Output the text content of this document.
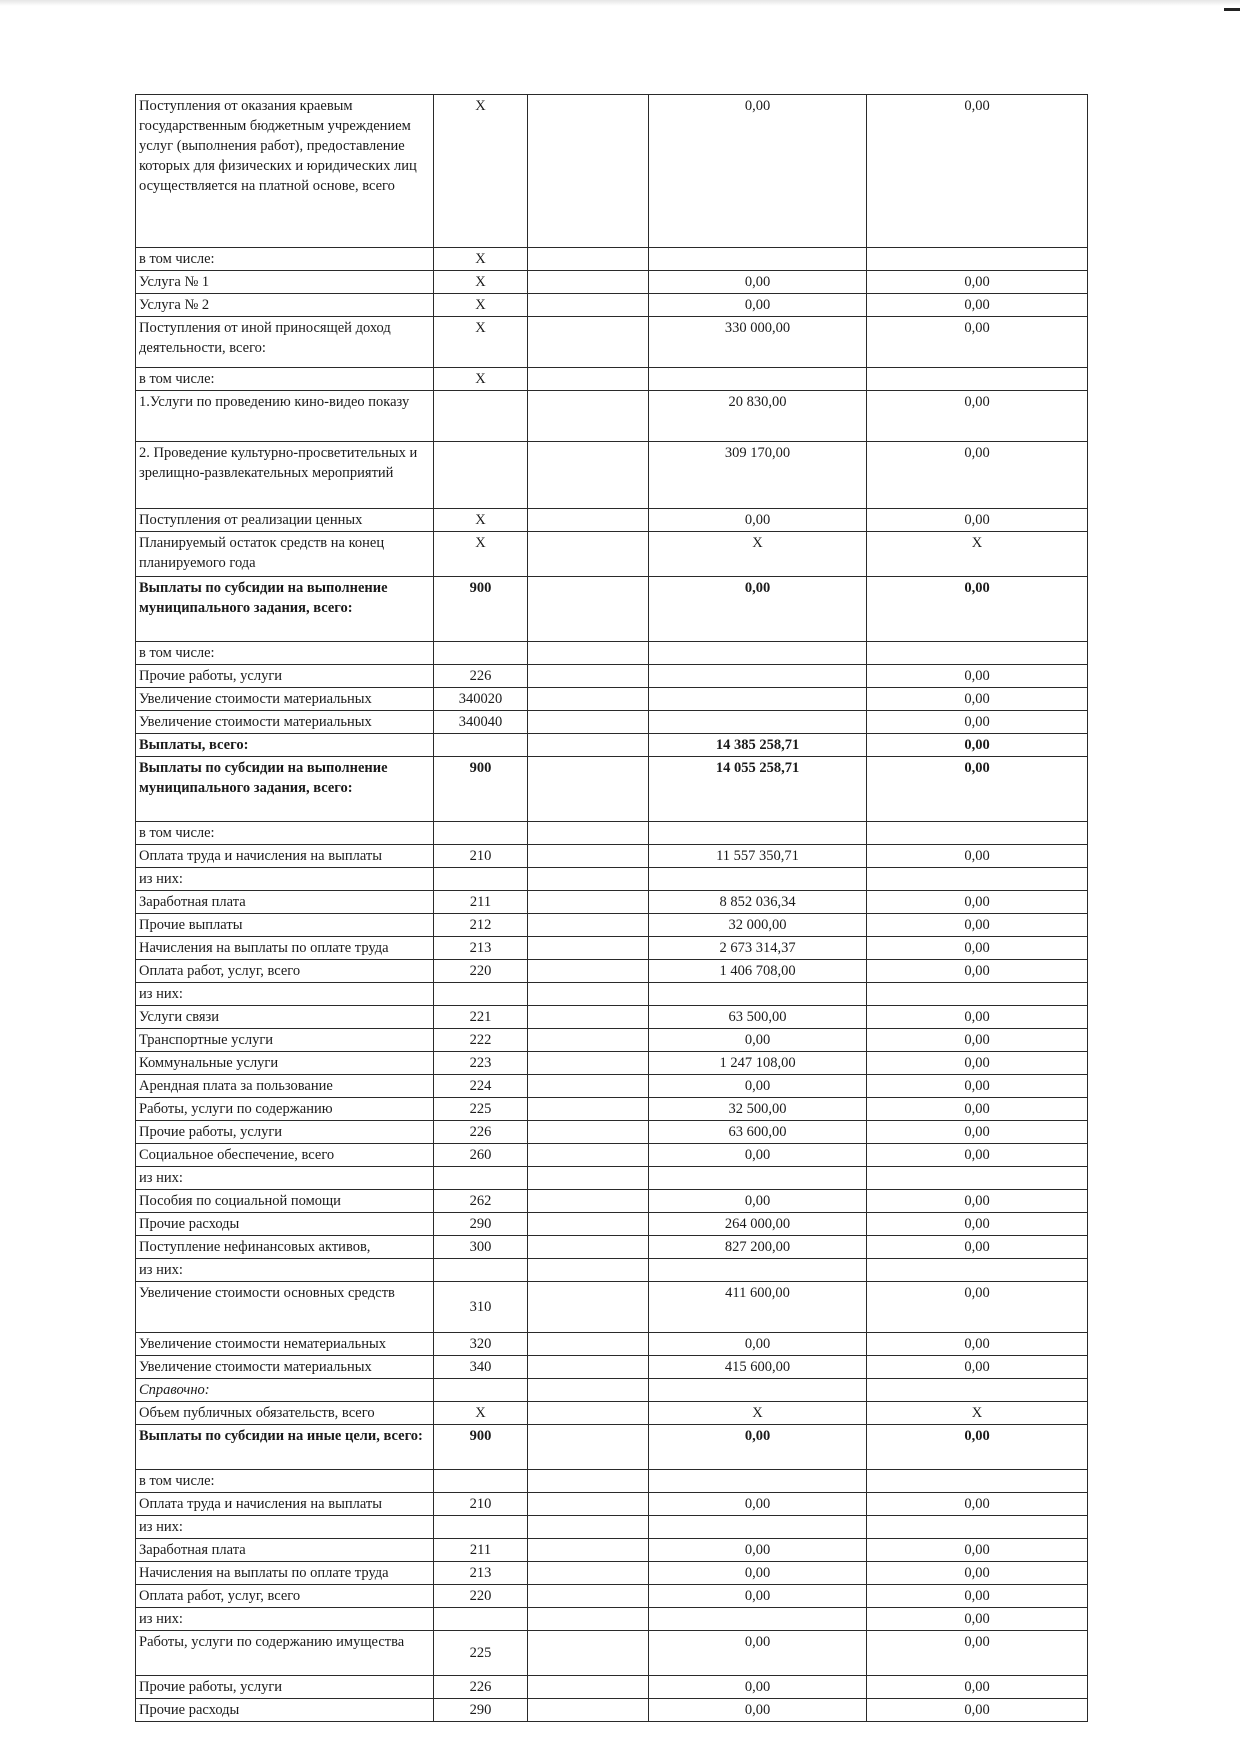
Поступления от оказания краевым государственным бюджетным учреждением услуг (выполнения работ), предоставление которых для физических и юридических лиц осуществляется на платной основе, всего	Х		0,00	0,00
в том числе:	Х			
Услуга № 1	Х		0,00	0,00
Услуга № 2	Х		0,00	0,00
Поступления от иной приносящей доход деятельности, всего:	Х		330 000,00	0,00
в том числе:	Х			
1.Услуги по проведению кино-видео показу			20 830,00	0,00
2. Проведение культурно-просветительных и зрелищно-развлекательных мероприятий			309 170,00	0,00
Поступления от реализации ценных	Х		0,00	0,00
Планируемый остаток средств на конец планируемого года	Х		Х	Х
Выплаты по субсидии на выполнение муниципального задания, всего:	900		0,00	0,00
в том числе:				
Прочие работы, услуги	226			0,00
Увеличение стоимости материальных	340020			0,00
Увеличение стоимости материальных	340040			0,00
Выплаты, всего:			14 385 258,71	0,00
Выплаты по субсидии на выполнение муниципального задания, всего:	900		14 055 258,71	0,00
в том числе:				
Оплата труда и начисления на выплаты	210		11 557 350,71	0,00
из них:				
Заработная плата	211		8 852 036,34	0,00
Прочие выплаты	212		32 000,00	0,00
Начисления на выплаты по оплате труда	213		2 673 314,37	0,00
Оплата работ, услуг, всего	220		1 406 708,00	0,00
из них:				
Услуги связи	221		63 500,00	0,00
Транспортные услуги	222		0,00	0,00
Коммунальные услуги	223		1 247 108,00	0,00
Арендная плата за пользование	224		0,00	0,00
Работы, услуги по содержанию	225		32 500,00	0,00
Прочие работы, услуги	226		63 600,00	0,00
Социальное обеспечение, всего	260		0,00	0,00
из них:				
Пособия по социальной помощи	262		0,00	0,00
Прочие расходы	290		264 000,00	0,00
Поступление нефинансовых активов,	300		827 200,00	0,00
из них:				
Увеличение стоимости основных средств	310		411 600,00	0,00
Увеличение стоимости нематериальных	320		0,00	0,00
Увеличение стоимости материальных	340		415 600,00	0,00
Справочно:				
Объем публичных обязательств, всего	Х		Х	Х
Выплаты по субсидии на иные цели, всего:	900		0,00	0,00
в том числе:				
Оплата труда и начисления на выплаты	210		0,00	0,00
из них:				
Заработная плата	211		0,00	0,00
Начисления на выплаты по оплате труда	213		0,00	0,00
Оплата работ, услуг, всего	220		0,00	0,00
из них:				0,00
Работы, услуги по содержанию имущества	225		0,00	0,00
Прочие работы, услуги	226		0,00	0,00
Прочие расходы	290		0,00	0,00
